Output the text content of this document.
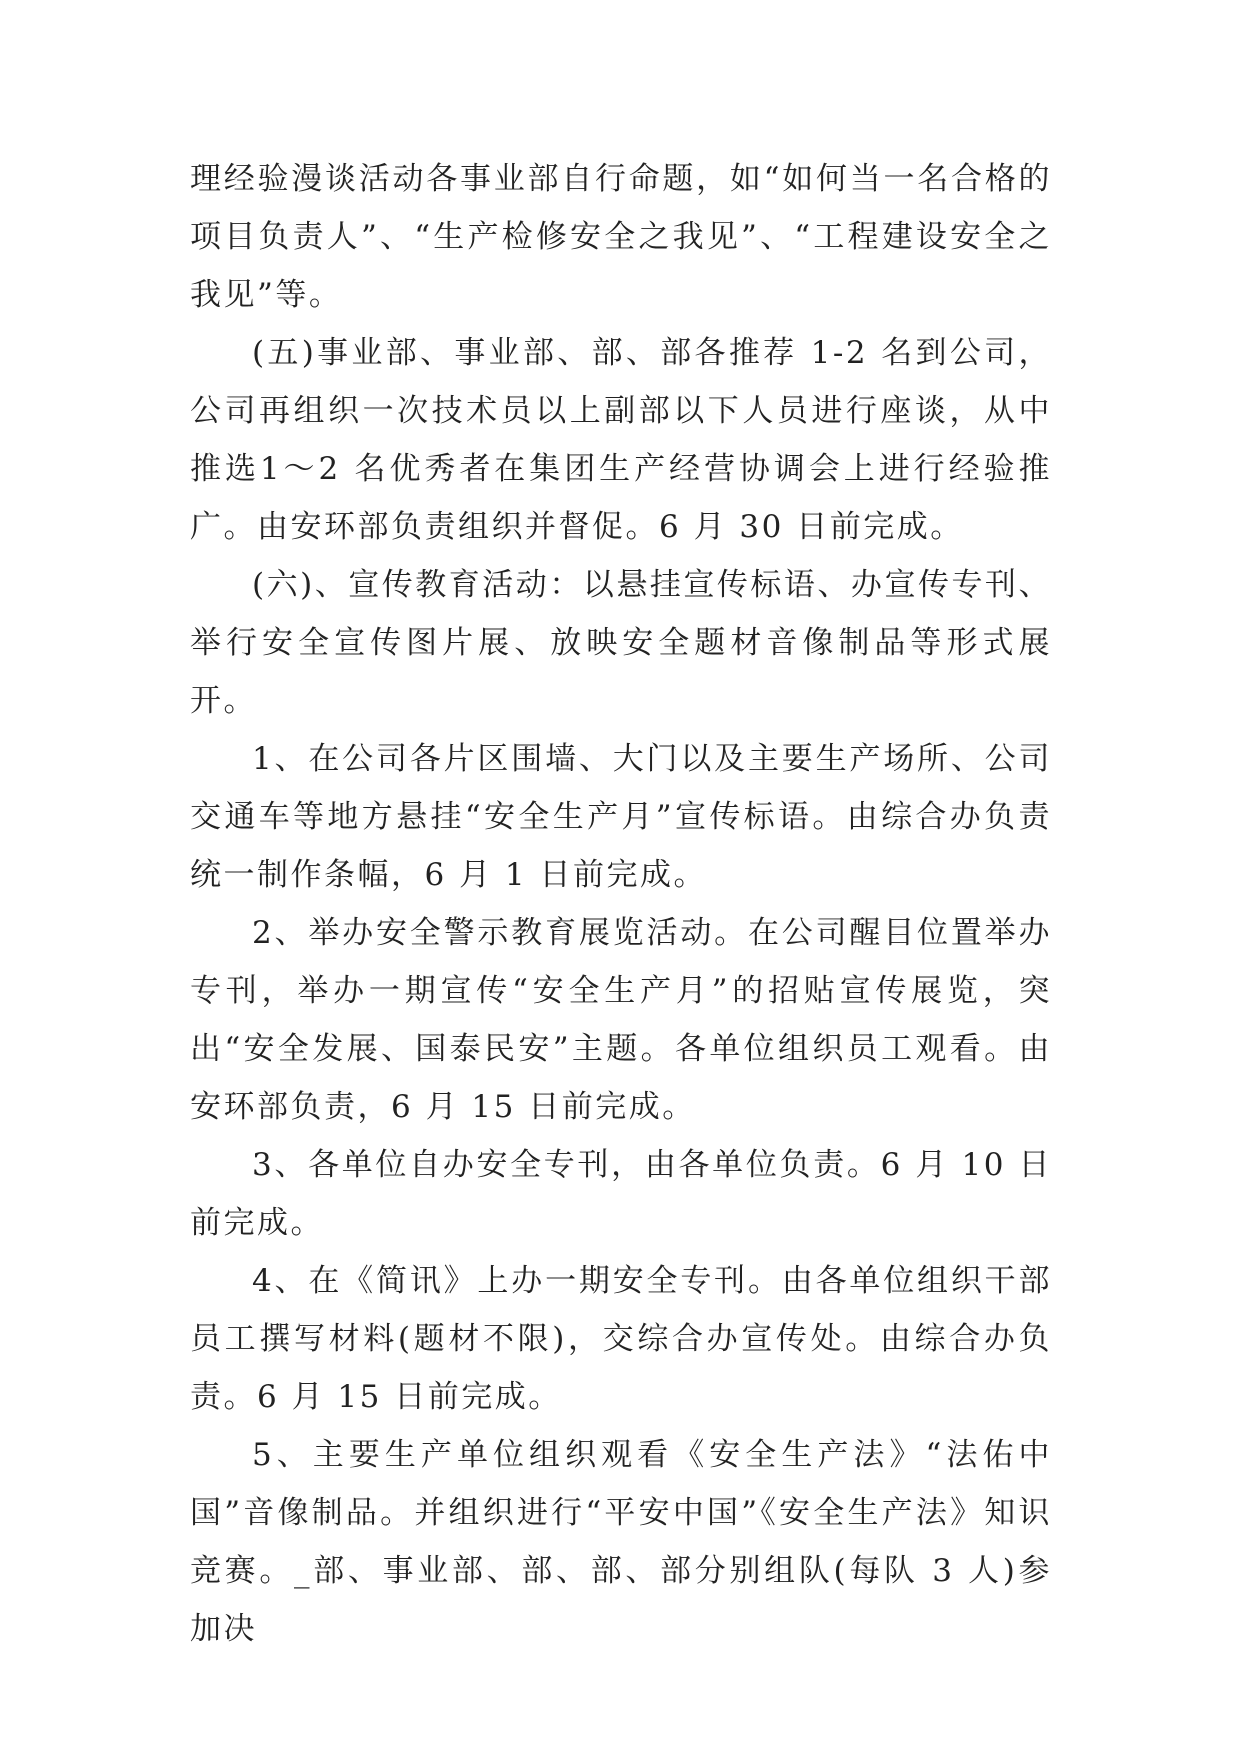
理经验漫谈活动各事业部自行命题，如“如何当一名合格的项目负责人”、“生产检修安全之我见”、“工程建设安全之我见”等。

(五)事业部、事业部、部、部各推荐 1-2 名到公司，公司再组织一次技术员以上副部以下人员进行座谈，从中推选1～2 名优秀者在集团生产经营协调会上进行经验推广。由安环部负责组织并督促。6 月 30 日前完成。

(六)、宣传教育活动：以悬挂宣传标语、办宣传专刊、举行安全宣传图片展、放映安全题材音像制品等形式展开。

1、在公司各片区围墙、大门以及主要生产场所、公司交通车等地方悬挂“安全生产月”宣传标语。由综合办负责统一制作条幅，6 月 1 日前完成。

2、举办安全警示教育展览活动。在公司醒目位置举办专刊，举办一期宣传“安全生产月”的招贴宣传展览，突出“安全发展、国泰民安”主题。各单位组织员工观看。由安环部负责，6 月 15 日前完成。

3、各单位自办安全专刊，由各单位负责。6 月 10 日前完成。

4、在《简讯》上办一期安全专刊。由各单位组织干部员工撰写材料(题材不限)，交综合办宣传处。由综合办负责。6 月 15 日前完成。

5、主要生产单位组织观看《安全生产法》“法佑中国”音像制品。并组织进行“平安中国”《安全生产法》知识竞赛。_部、事业部、部、部、部分别组队(每队 3 人)参加决
